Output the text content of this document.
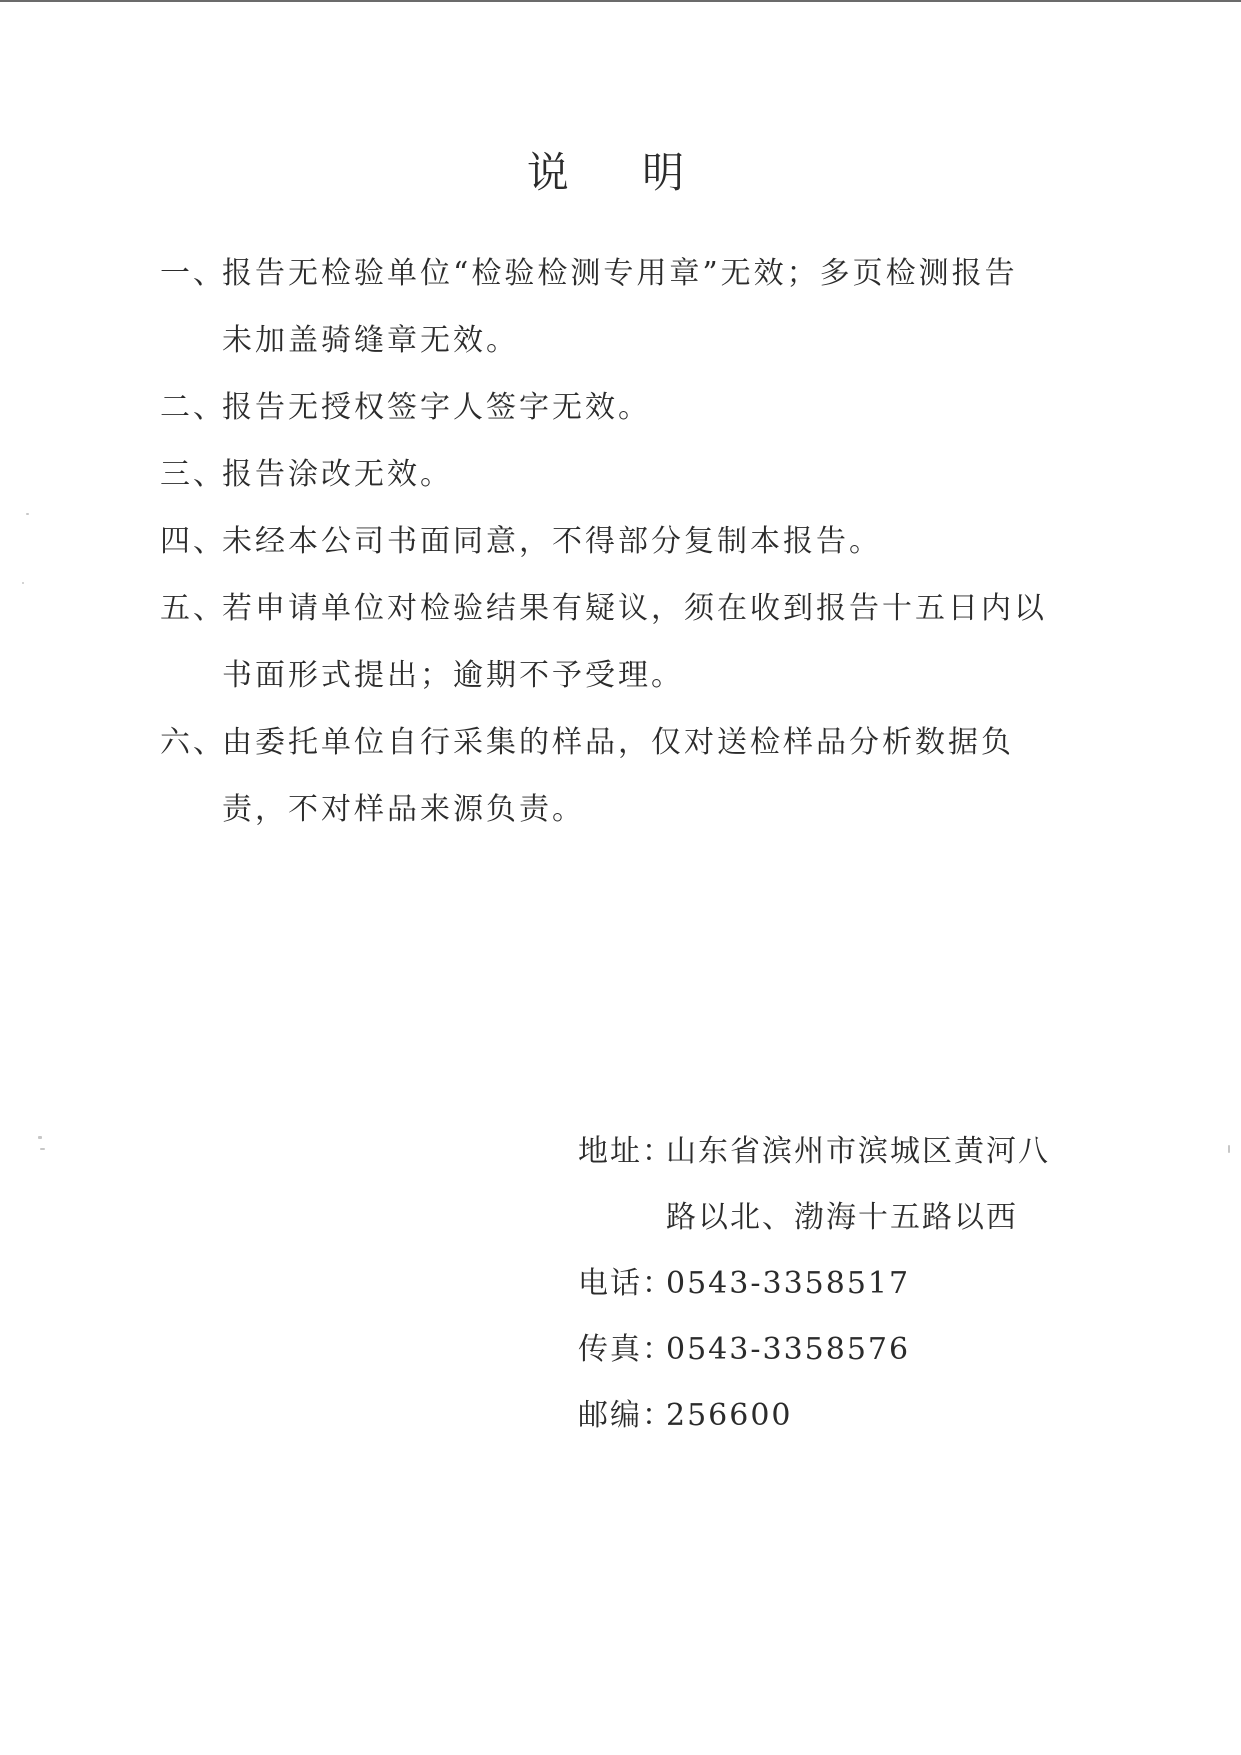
说 明
一、
报告无检验单位“检验检测专用章”无效；多页检测报告未加盖骑缝章无效。
二、
报告无授权签字人签字无效。
三、
报告涂改无效。
四、
未经本公司书面同意，不得部分复制本报告。
五、
若申请单位对检验结果有疑议，须在收到报告十五日内以书面形式提出；逾期不予受理。
六、
由委托单位自行采集的样品，仅对送检样品分析数据负责，不对样品来源负责。
地址：
山东省滨州市滨城区黄河八路以北、渤海十五路以西
电话：
0543-3358517
传真：
0543-3358576
邮编：
256600
